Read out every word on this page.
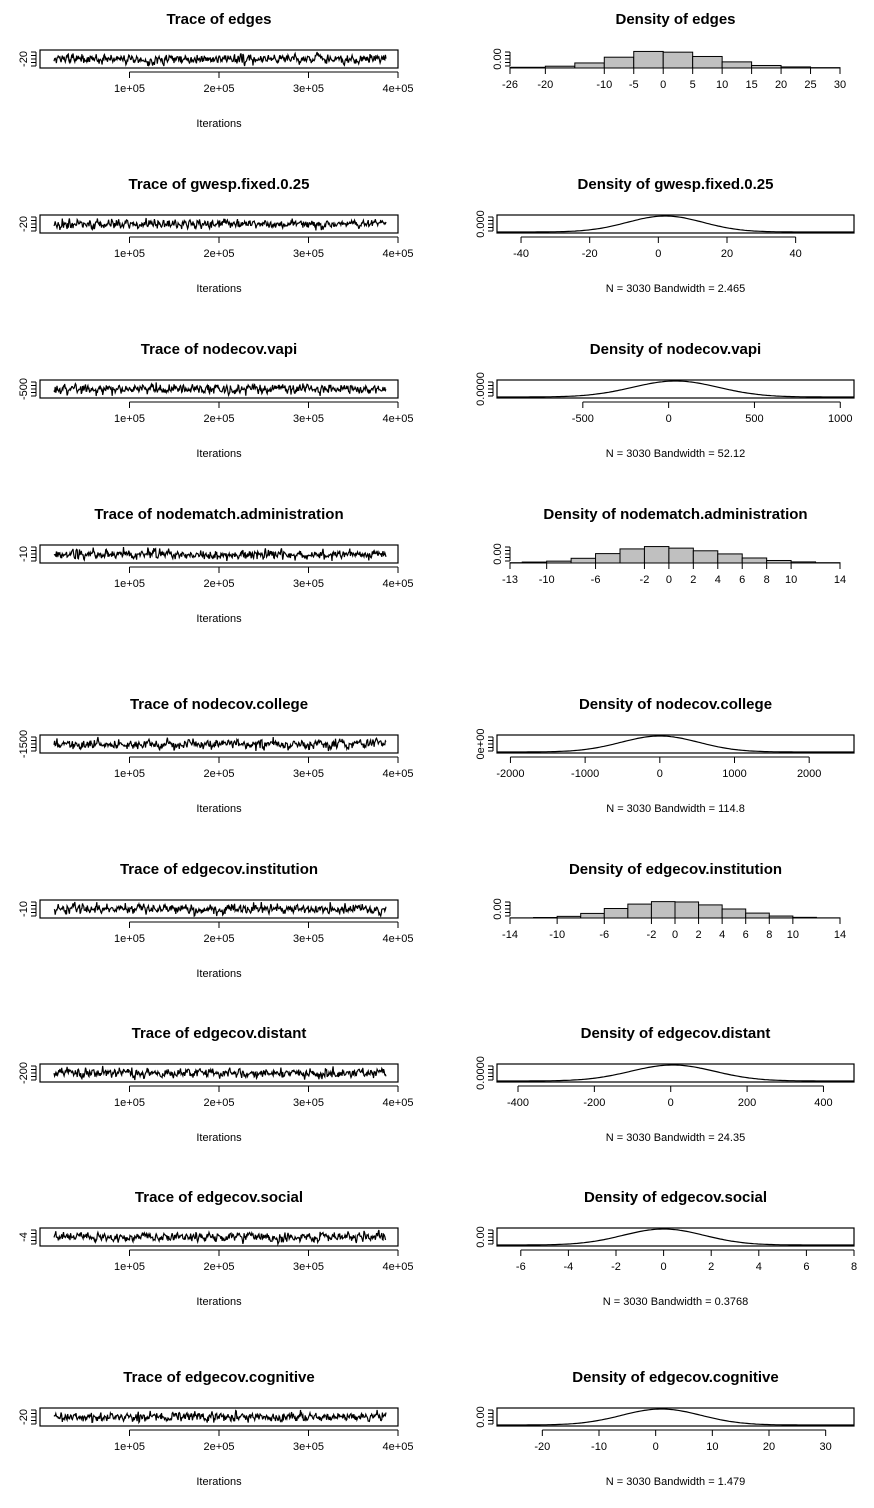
Trace of edges
-20
1e+05	2e+05	3e+05	4e+05
Iterations
Density of edges
0.00
-26 -20	-10 -5 0 5 10 15 20 25 30
Trace of gwesp.fixed.0.25
-20
1e+05	2e+05	3e+05	4e+05
Iterations
Density of gwesp.fixed.0.25
0.000
-40	-20	0	20	40
N = 3030 Bandwidth = 2.465
Trace of nodecov.vapi
-500
1e+05	2e+05	3e+05	4e+05
Iterations
Density of nodecov.vapi
0.0000
-500	0	500	1000
N = 3030 Bandwidth = 52.12
Trace of nodematch.administration
-10
1e+05	2e+05	3e+05	4e+05
Iterations
Density of nodematch.administration
0.00
-13 -10	-6	-2 0 2 4 6 8 10	14
Trace of nodecov.college
-1500
1e+05	2e+05	3e+05	4e+05
Iterations
Density of nodecov.college
0e+00
-2000	-1000	0	1000	2000
N = 3030 Bandwidth = 114.8
Trace of edgecov.institution
-10
1e+05	2e+05	3e+05	4e+05
Iterations
Density of edgecov.institution
0.00
-14	-10	-6	-2 0 2 4 6 8 10	14
Trace of edgecov.distant
-200
1e+05	2e+05	3e+05	4e+05
Iterations
Density of edgecov.distant
0.0000
-400	-200	0	200	400
N = 3030 Bandwidth = 24.35
Trace of edgecov.social
-4
1e+05	2e+05	3e+05	4e+05
Iterations
Density of edgecov.social
0.00
-6	-4	-2	0	2	4	6	8
N = 3030 Bandwidth = 0.3768
Trace of edgecov.cognitive
-20
1e+05	2e+05	3e+05	4e+05
Iterations
Density of edgecov.cognitive
0.00
-20	-10	0	10	20	30
N = 3030 Bandwidth = 1.479
